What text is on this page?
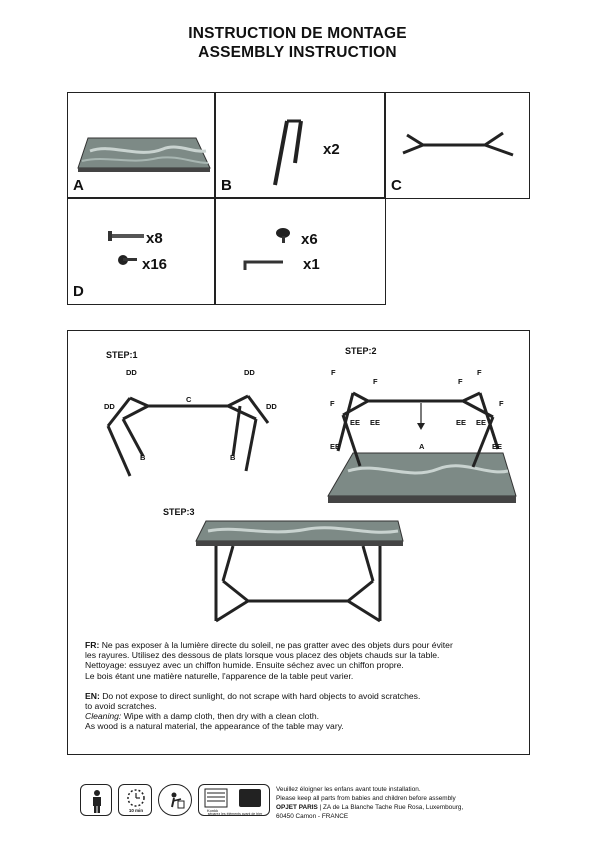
INSTRUCTION DE MONTAGE
ASSEMBLY INSTRUCTION
A
x2
B	C
x8
x16
D
x6
x1
STEP:1
DD
DD
DD
DD
C
B	B
STEP:2
F
F
F
F
F	F
EE EE	EE EE
EE	EE
A
STEP:3

FR: Ne pas exposer à la lumière directe du soleil, ne pas gratter avec des objets durs pour éviter

les rayures. Utilisez des dessous de plats lorsque vous placez des objets chauds sur la table.

Nettoyage: essuyez avec un chiffon humide. Ensuite séchez avec un chiffon propre.

Le bois étant une matière naturelle, l'apparence de la table peut varier.

EN: Do not expose to direct sunlight, do not scrape with hard objects to avoid scratches.

to avoid scratches.

Cleaning: Wipe with a damp cloth, then dry with a clean cloth.

As wood is a natural material, the appearance of the table may vary.

10 min	Konkk
séparez les éléments avant de trier
Veuillez éloigner les enfans avant toute installation.
Please keep all parts from babies and children before assembly
OPJET PARIS | ZA de La Blanche Tache Rue Rosa, Luxembourg,
60450 Camon - FRANCE
